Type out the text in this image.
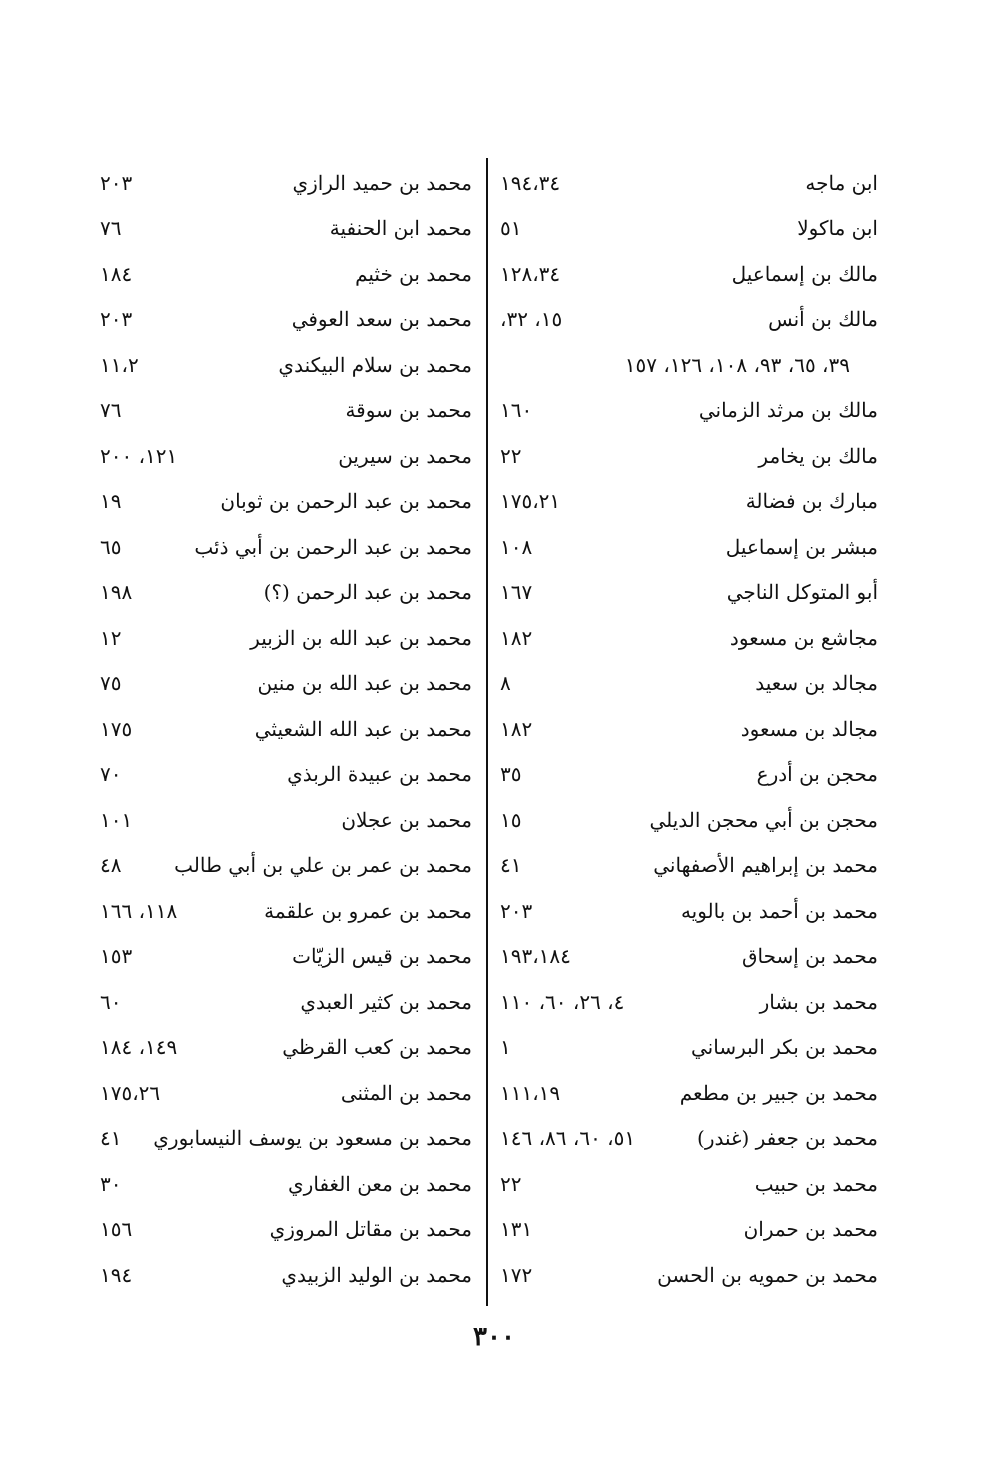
ابن ماجه
١٩٤،٣٤
ابن ماكولا
٥١
مالك بن إسماعيل
١٢٨،٣٤
مالك بن أنس
١٥، ٣٢،
٣٩، ٦٥، ٩٣، ١٠٨، ١٢٦، ١٥٧
مالك بن مرثد الزماني
١٦٠
مالك بن يخامر
٢٢
مبارك بن فضالة
١٧٥،٢١
مبشر بن إسماعيل
١٠٨
أبو المتوكل الناجي
١٦٧
مجاشع بن مسعود
١٨٢
مجالد بن سعيد
٨
مجالد بن مسعود
١٨٢
محجن بن أدرع
٣٥
محجن بن أبي محجن الديلي
١٥
محمد بن إبراهيم الأصفهاني
٤١
محمد بن أحمد بن بالويه
٢٠٣
محمد بن إسحاق
١٩٣،١٨٤
محمد بن بشار
٤، ٢٦، ٦٠، ١١٠
محمد بن بكر البرساني
١
محمد بن جبير بن مطعم
١١١،١٩
محمد بن جعفر (غندر)
٥١، ٦٠، ٨٦، ١٤٦
محمد بن حبيب
٢٢
محمد بن حمران
١٣١
محمد بن حمويه بن الحسن
١٧٢
محمد بن حميد الرازي
٢٠٣
محمد ابن الحنفية
٧٦
محمد بن خثيم
١٨٤
محمد بن سعد العوفي
٢٠٣
محمد بن سلام البيكندي
١١،٢
محمد بن سوقة
٧٦
محمد بن سيرين
١٢١، ٢٠٠
محمد بن عبد الرحمن بن ثوبان
١٩
محمد بن عبد الرحمن بن أبي ذئب
٦٥
محمد بن عبد الرحمن (؟)
١٩٨
محمد بن عبد الله بن الزبير
١٢
محمد بن عبد الله بن منين
٧٥
محمد بن عبد الله الشعيثي
١٧٥
محمد بن عبيدة الربذي
٧٠
محمد بن عجلان
١٠١
محمد بن عمر بن علي بن أبي طالب
٤٨
محمد بن عمرو بن علقمة
١١٨، ١٦٦
محمد بن قيس الزيّات
١٥٣
محمد بن كثير العبدي
٦٠
محمد بن كعب القرظي
١٤٩، ١٨٤
محمد بن المثنى
١٧٥،٢٦
محمد بن مسعود بن يوسف النيسابوري
٤١
محمد بن معن الغفاري
٣٠
محمد بن مقاتل المروزي
١٥٦
محمد بن الوليد الزبيدي
١٩٤
٣٠٠
